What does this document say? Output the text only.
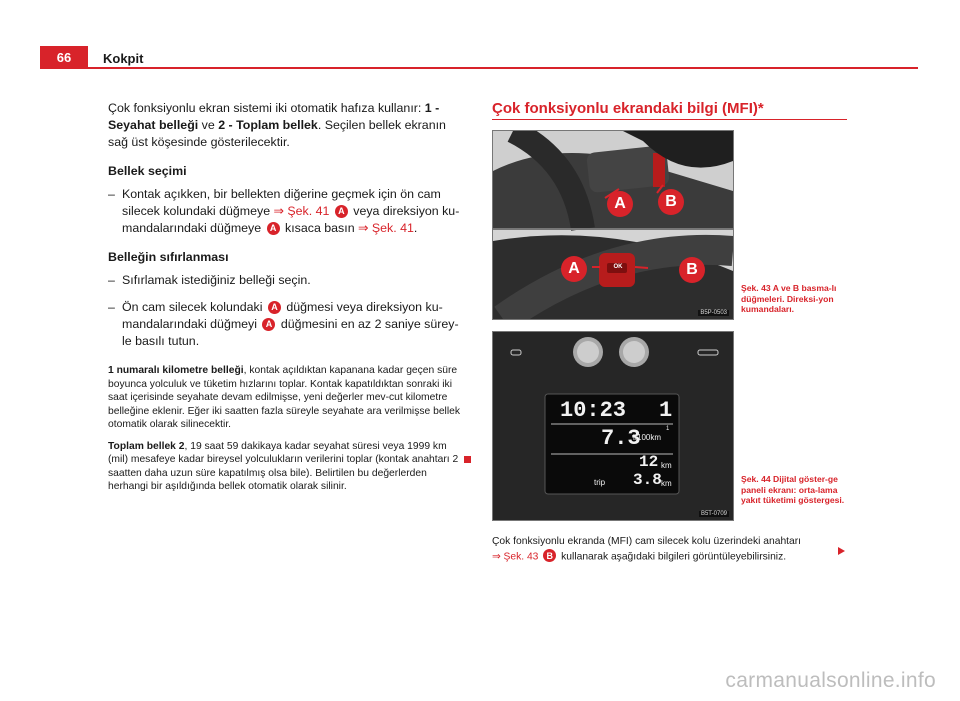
66	Kokpit

Çok fonksiyonlu ekran sistemi iki otomatik hafıza kullanır: 1 - Seyahat belleği ve 2 - Toplam bellek. Seçilen bellek ekranın sağ üst köşesinde gösterilecektir.

Bellek seçimi
– Kontak açıkken, bir bellekten diğerine geçmek için ön cam silecek kolundaki düğmeye ⇒ Şek. 41 A veya direksiyon ku-mandalarındaki düğmeye A kısaca basın ⇒ Şek. 41.
Belleğin sıfırlanması
– Sıfırlamak istediğiniz belleği seçin.
– Ön cam silecek kolundaki A düğmesi veya direksiyon ku-mandalarındaki düğmeyi A düğmesini en az 2 saniye sürey-le basılı tutun.

1 numaralı kilometre belleği, kontak açıldıktan kapanana kadar geçen süre boyunca yolculuk ve tüketim hızlarını toplar. Kontak kapatıldıktan sonraki iki saat içerisinde seyahate devam edilmişse, yeni değerler mev-cut kilometre belleğine eklenir. Eğer iki saatten fazla süreyle seyahate ara verilmişse bellek otomatik olarak silinecektir.

Toplam bellek 2, 19 saat 59 dakikaya kadar seyahat süresi veya 1999 km (mil) mesafeye kadar bireysel yolculukların verilerini toplar (kontak anahtarı 2 saatten daha uzun süre kapatılmış olsa bile). Belirtilen bu değerlerden herhangi bir aşıldığında bellek otomatik olarak silinir.

Çok fonksiyonlu ekrandaki bilgi (MFI)*
A	B
A	B
OK
B5P-0503
Şek. 43 A ve B basma-lı düğmeleri. Direksi-yon kumandaları.
10:23 1
7.3
l/100km
1
12 km
trip 3.8 km
B5T-0709
Şek. 44 Dijital göster-ge paneli ekranı: orta-lama yakıt tüketimi göstergesi.
Çok fonksiyonlu ekranda (MFI) cam silecek kolu üzerindeki anahtarı
⇒ Şek. 43 B kullanarak aşağıdaki bilgileri görüntüleyebilirsiniz.
carmanualsonline.info
